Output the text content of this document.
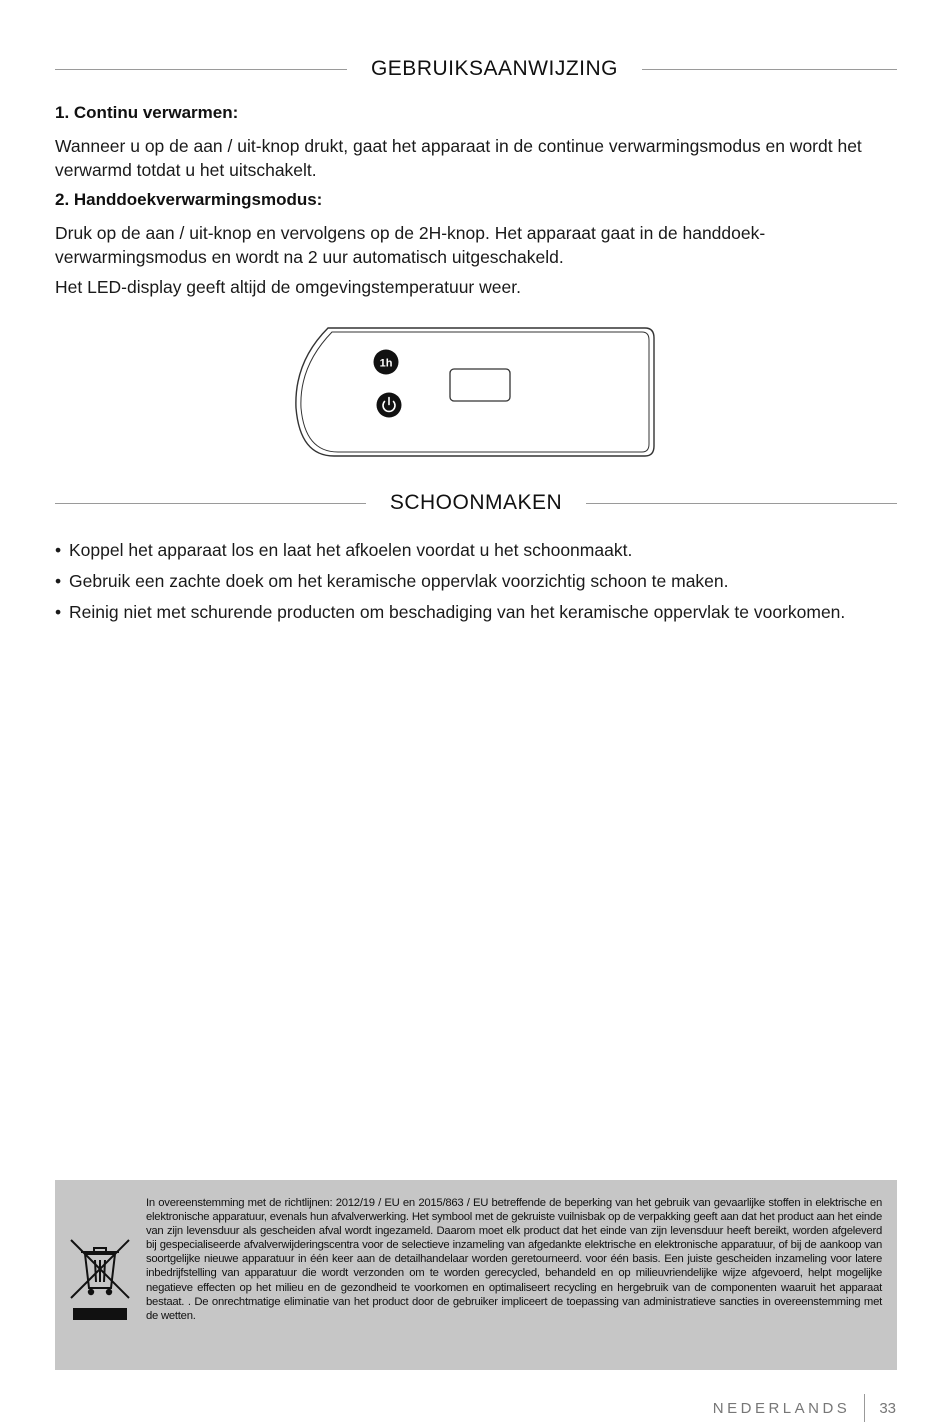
GEBRUIKSAANWIJZING
1. Continu verwarmen:

Wanneer u op de aan / uit-knop drukt, gaat het apparaat in de continue verwarmingsmodus en wordt het verwarmd totdat u het uitschakelt.

2. Handdoekverwarmingsmodus:

Druk op de aan / uit-knop en vervolgens op de 2H-knop. Het apparaat gaat in de handdoek-verwarmingsmodus en wordt na 2 uur automatisch uitgeschakeld.

Het LED-display geeft altijd de omgevingstemperatuur weer.

1h
SCHOONMAKEN
• Koppel het apparaat los en laat het afkoelen voordat u het schoonmaakt.
• Gebruik een zachte doek om het keramische oppervlak voorzichtig schoon te maken.
• Reinig niet met schurende producten om beschadiging van het keramische oppervlak te voorkomen.
In overeenstemming met de richtlijnen: 2012/19 / EU en 2015/863 / EU betreffende de beperking van het gebruik van gevaarlijke stoffen in elektrische en elektronische apparatuur, evenals hun afvalverwerking. Het symbool met de gekruiste vuilnisbak op de verpakking geeft aan dat het product aan het einde van zijn levensduur als gescheiden afval wordt ingezameld. Daarom moet elk product dat het einde van zijn levensduur heeft bereikt, worden afgeleverd bij gespecialiseerde afvalverwijderingscentra voor de selectieve inzameling van afgedankte elektrische en elektronische apparatuur, of bij de aankoop van soortgelijke nieuwe apparatuur in één keer aan de detailhandelaar worden geretourneerd. voor één basis. Een juiste gescheiden inzameling voor latere inbedrijfstelling van apparatuur die wordt verzonden om te worden gerecycled, behandeld en op milieuvriendelijke wijze afgevoerd, helpt mogelijke negatieve effecten op het milieu en de gezondheid te voorkomen en optimaliseert recycling en hergebruik van de componenten waaruit het apparaat bestaat. . De onrechtmatige eliminatie van het product door de gebruiker impliceert de toepassing van administratieve sancties in overeenstemming met de wetten.
NEDERLANDS 33
